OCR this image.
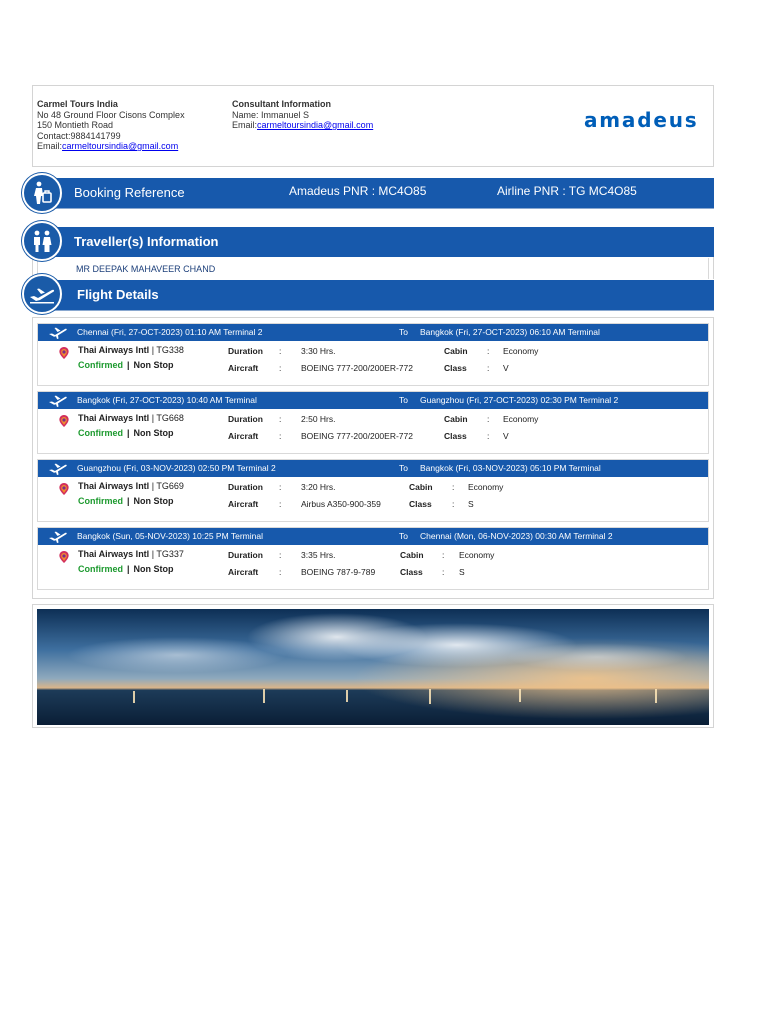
Carmel Tours India
No 48 Ground Floor Cisons Complex
150 Montieth Road
Contact:9884141799
Email:carmeltoursindia@gmail.com
Consultant Information
Name: Immanuel S
Email:carmeltoursindia@gmail.com	amadeus
Booking Reference	Amadeus PNR : MC4O85	Airline PNR : TG MC4O85
Traveller(s) Information
MR DEEPAK MAHAVEER CHAND
Flight Details
Chennai (Fri, 27-OCT-2023) 01:10 AM Terminal 2	To Bangkok (Fri, 27-OCT-2023) 06:10 AM Terminal
Thai Airways Intl | TG338
Confirmed | Non Stop
Duration : 3:30 Hrs.
Aircraft : BOEING 777-200/200ER-772
Cabin : Economy
Class : V
Bangkok (Fri, 27-OCT-2023) 10:40 AM Terminal	To Guangzhou (Fri, 27-OCT-2023) 02:30 PM Terminal 2
Thai Airways Intl | TG668
Confirmed | Non Stop
Duration : 2:50 Hrs.
Aircraft : BOEING 777-200/200ER-772
Cabin : Economy
Class : V
Guangzhou (Fri, 03-NOV-2023) 02:50 PM Terminal 2	To Bangkok (Fri, 03-NOV-2023) 05:10 PM Terminal
Thai Airways Intl | TG669
Confirmed | Non Stop
Duration : 3:20 Hrs.
Aircraft : Airbus A350-900-359
Cabin : Economy
Class : S
Bangkok (Sun, 05-NOV-2023) 10:25 PM Terminal	To Chennai (Mon, 06-NOV-2023) 00:30 AM Terminal 2
Thai Airways Intl | TG337
Confirmed | Non Stop
Duration : 3:35 Hrs.
Aircraft : BOEING 787-9-789
Cabin : Economy
Class : S
